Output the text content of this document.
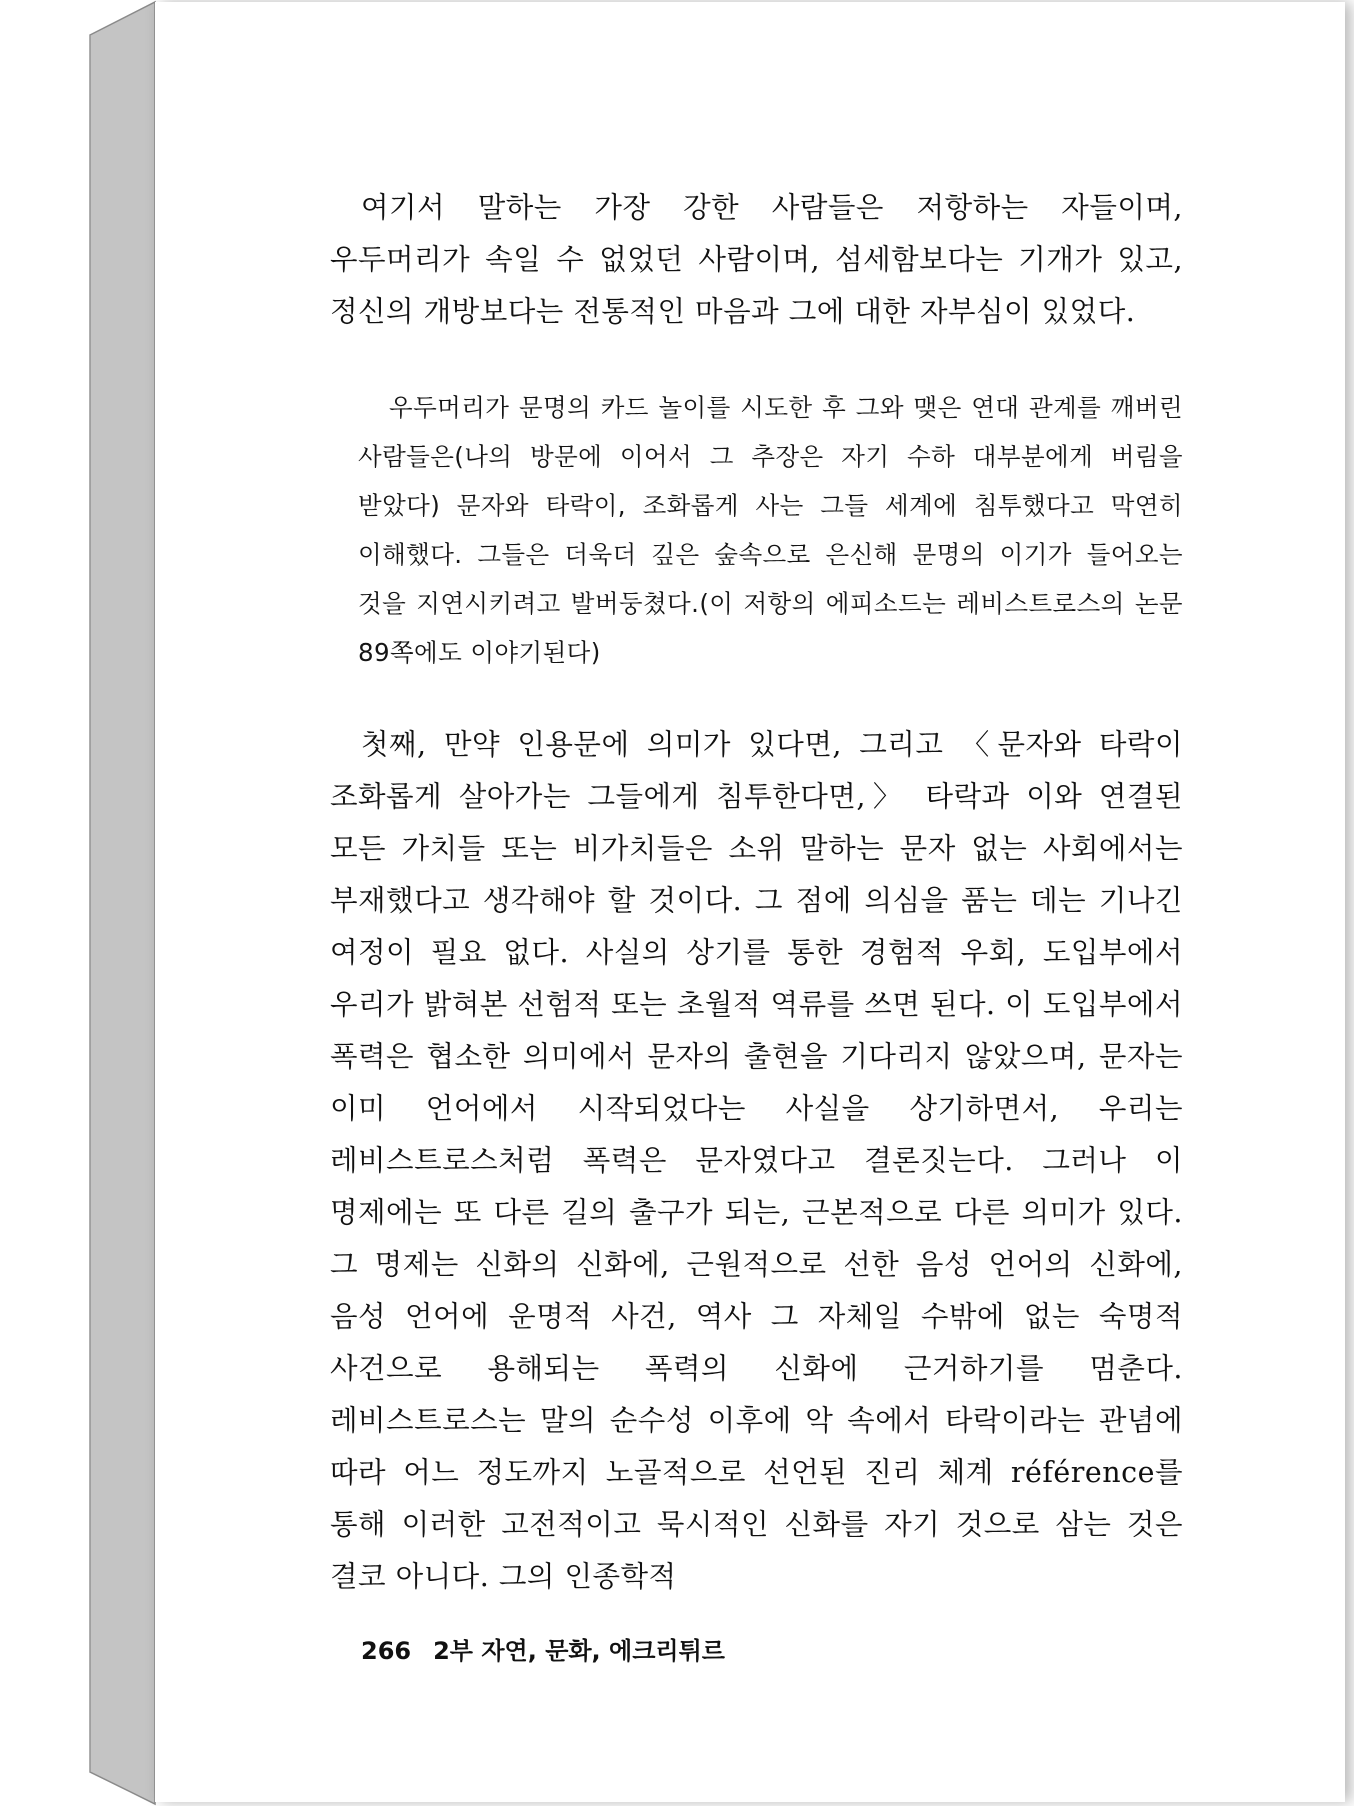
여기서 말하는 가장 강한 사람들은 저항하는 자들이며, 우두머리가 속일 수 없었던 사람이며, 섬세함보다는 기개가 있고, 정신의 개방보다는 전통적인 마음과 그에 대한 자부심이 있었다.

우두머리가 문명의 카드 놀이를 시도한 후 그와 맺은 연대 관계를 깨버린 사람들은(나의 방문에 이어서 그 추장은 자기 수하 대부분에게 버림을 받았다) 문자와 타락이, 조화롭게 사는 그들 세계에 침투했다고 막연히 이해했다. 그들은 더욱더 깊은 숲속으로 은신해 문명의 이기가 들어오는 것을 지연시키려고 발버둥쳤다.(이 저항의 에피소드는 레비스트로스의 논문 89쪽에도 이야기된다)

첫째, 만약 인용문에 의미가 있다면, 그리고 〈문자와 타락이 조화롭게 살아가는 그들에게 침투한다면,〉 타락과 이와 연결된 모든 가치들 또는 비가치들은 소위 말하는 문자 없는 사회에서는 부재했다고 생각해야 할 것이다. 그 점에 의심을 품는 데는 기나긴 여정이 필요 없다. 사실의 상기를 통한 경험적 우회, 도입부에서 우리가 밝혀본 선험적 또는 초월적 역류를 쓰면 된다. 이 도입부에서 폭력은 협소한 의미에서 문자의 출현을 기다리지 않았으며, 문자는 이미 언어에서 시작되었다는 사실을 상기하면서, 우리는 레비스트로스처럼 폭력은 문자였다고 결론짓는다. 그러나 이 명제에는 또 다른 길의 출구가 되는, 근본적으로 다른 의미가 있다. 그 명제는 신화의 신화에, 근원적으로 선한 음성 언어의 신화에, 음성 언어에 운명적 사건, 역사 그 자체일 수밖에 없는 숙명적 사건으로 용해되는 폭력의 신화에 근거하기를 멈춘다. 레비스트로스는 말의 순수성 이후에 악 속에서 타락이라는 관념에 따라 어느 정도까지 노골적으로 선언된 진리 체계 référence를 통해 이러한 고전적이고 묵시적인 신화를 자기 것으로 삼는 것은 결코 아니다. 그의 인종학적

266 2부 자연, 문화, 에크리튀르
